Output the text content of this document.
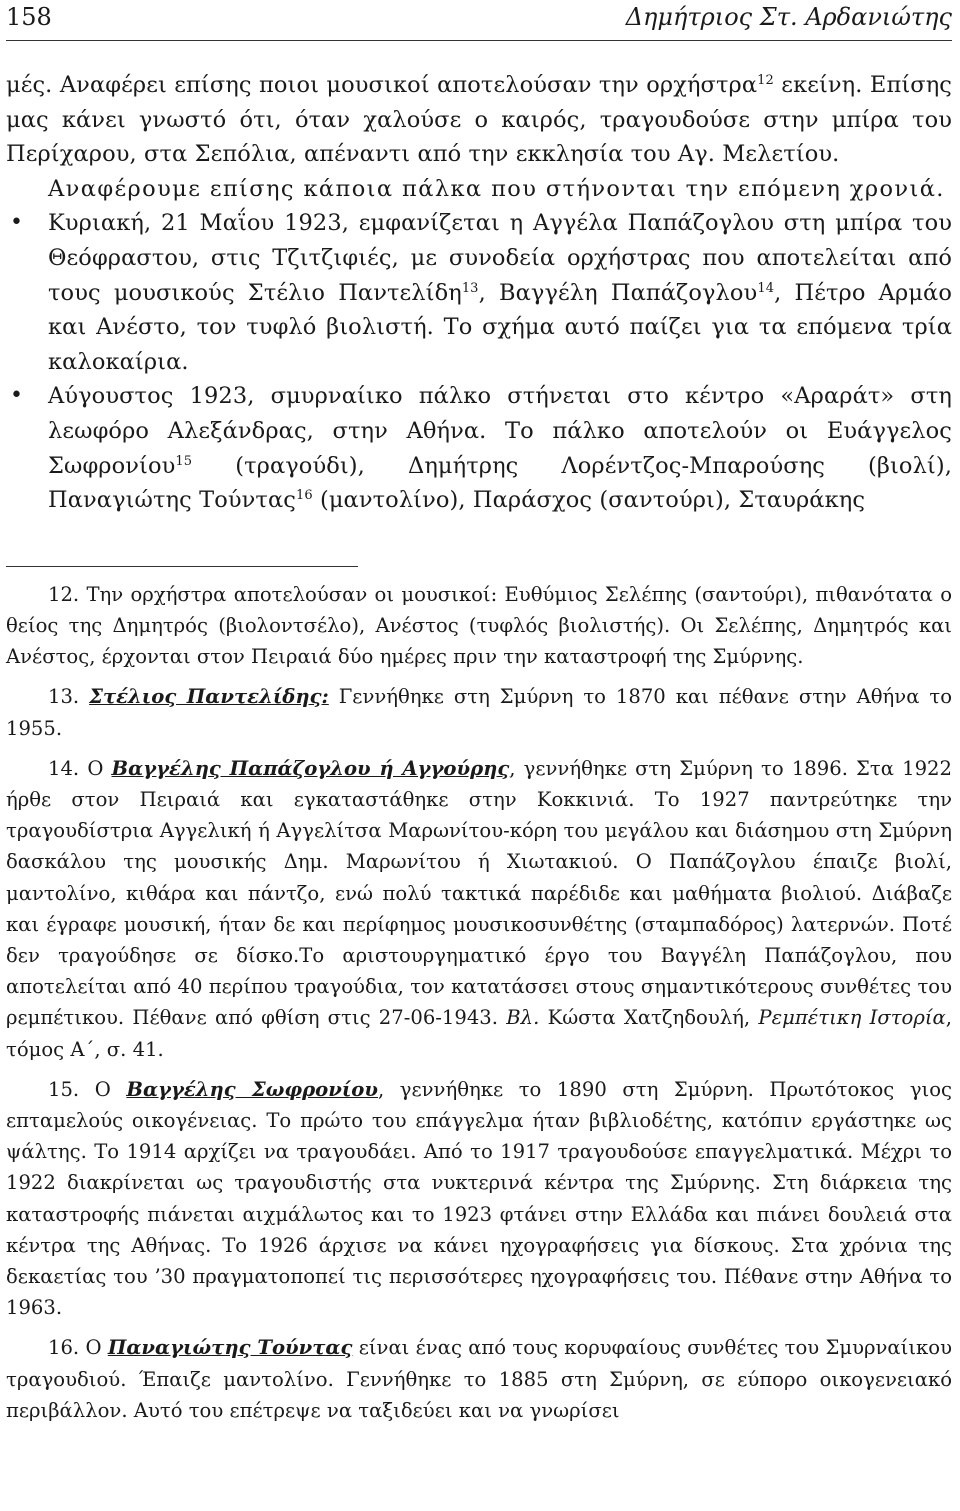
158	Δημήτριος Στ. Αρδανιώτης

μές. Αναφέρει επίσης ποιοι μουσικοί αποτελούσαν την ορχήστρα$^{12}$ εκείνη. Επίσης μας κάνει γνωστό ότι, όταν χαλούσε ο καιρός, τραγουδούσε στην μπίρα του Περίχαρου, στα Σεπόλια, απέναντι από την εκκλησία του Αγ. Μελετίου.

Αναφέρουμε επίσης κάποια πάλκα που στήνονται την επόμενη χρονιά.

• Κυριακή, 21 Μαΐου 1923, εμφανίζεται η Αγγέλα Παπάζογλου στη μπίρα του Θεόφραστου, στις Τζιτζιφιές, με συνοδεία ορχήστρας που αποτελείται από τους μουσικούς Στέλιο Παντελίδη$^{13}$, Βαγγέλη Παπάζογλου$^{14}$, Πέτρο Αρμάο και Ανέστο, τον τυφλό βιολιστή. Το σχήμα αυτό παίζει για τα επόμενα τρία καλοκαίρια.
• Αύγουστος 1923, σμυρναίικο πάλκο στήνεται στο κέντρο «Αραράτ» στη λεωφόρο Αλεξάνδρας, στην Αθήνα. Το πάλκο αποτελούν οι Ευάγγελος Σωφρονίου$^{15}$ (τραγούδι), Δημήτρης Λορέντζος-Μπαρούσης (βιολί), Παναγιώτης Τούντας$^{16}$ (μαντολίνο), Παράσχος (σαντούρι), Σταυράκης

12. Την ορχήστρα αποτελούσαν οι μουσικοί: Ευθύμιος Σελέπης (σαντούρι), πιθανότατα ο θείος της Δημητρός (βιολοντσέλο), Ανέστος (τυφλός βιολιστής). Οι Σελέπης, Δημητρός και Ανέστος, έρχονται στον Πειραιά δύο ημέρες πριν την καταστροφή της Σμύρνης.

13. Στέλιος Παντελίδης: Γεννήθηκε στη Σμύρνη το 1870 και πέθανε στην Αθήνα το 1955.

14. Ο Βαγγέλης Παπάζογλου ή Αγγούρης, γεννήθηκε στη Σμύρνη το 1896. Στα 1922 ήρθε στον Πειραιά και εγκαταστάθηκε στην Κοκκινιά. Το 1927 παντρεύτηκε την τραγουδίστρια Αγγελική ή Αγγελίτσα Μαρωνίτου-κόρη του μεγάλου και διάσημου στη Σμύρνη δασκάλου της μουσικής Δημ. Μαρωνίτου ή Χιωτακιού. Ο Παπάζογλου έπαιζε βιολί, μαντολίνο, κιθάρα και πάντζο, ενώ πολύ τακτικά παρέδιδε και μαθήματα βιολιού. Διάβαζε και έγραφε μουσική, ήταν δε και περίφημος μουσικοσυνθέτης (σταμπαδόρος) λατερνών. Ποτέ δεν τραγούδησε σε δίσκο.Το αριστουργηματικό έργο του Βαγγέλη Παπάζογλου, που αποτελείται από 40 περίπου τραγούδια, τον κατατάσσει στους σημαντικότερους συνθέτες του ρεμπέτικου. Πέθανε από φθίση στις 27-06-1943. Βλ. Κώστα Χατζηδουλή, Ρεμπέτικη Ιστορία, τόμος Α΄, σ. 41.

15. Ο Βαγγέλης Σωφρονίου, γεννήθηκε το 1890 στη Σμύρνη. Πρωτότοκος γιος επταμελούς οικογένειας. Το πρώτο του επάγγελμα ήταν βιβλιοδέτης, κατόπιν εργάστηκε ως ψάλτης. Το 1914 αρχίζει να τραγουδάει. Από το 1917 τραγουδούσε επαγγελματικά. Μέχρι το 1922 διακρίνεται ως τραγουδιστής στα νυκτερινά κέντρα της Σμύρνης. Στη διάρκεια της καταστροφής πιάνεται αιχμάλωτος και το 1923 φτάνει στην Ελλάδα και πιάνει δουλειά στα κέντρα της Αθήνας. Το 1926 άρχισε να κάνει ηχογραφήσεις για δίσκους. Στα χρόνια της δεκαετίας του ’30 πραγματοποπεί τις περισσότερες ηχογραφήσεις του. Πέθανε στην Αθήνα το 1963.

16. Ο Παναγιώτης Τούντας είναι ένας από τους κορυφαίους συνθέτες του Σμυρναίικου τραγουδιού. Έπαιζε μαντολίνο. Γεννήθηκε το 1885 στη Σμύρνη, σε εύπορο οικογενειακό περιβάλλον. Αυτό του επέτρεψε να ταξιδεύει και να γνωρίσει
